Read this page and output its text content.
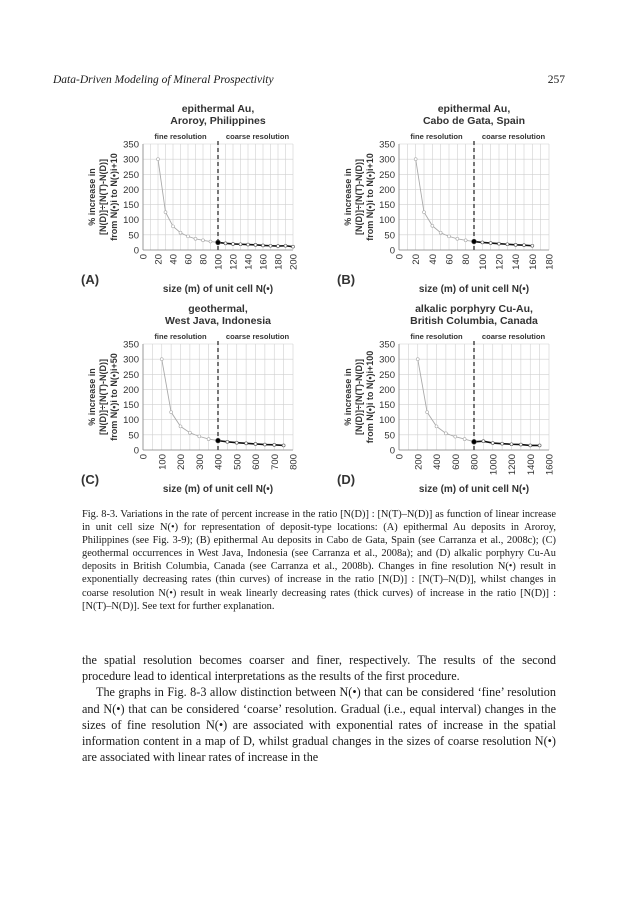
Data-Driven Modeling of Mineral Prospectivity	257
epithermal Au,
Aroroy, Philippines
fine resolution	coarse resolution
0
50
100
150
200
250
300
350
0 20 40 60 80 100 120 140 160 180 200
size (m) of unit cell N(•)
(A)
% increase in [N(D)]÷[N(T)-N(D)] from N(•)i to N(•)i+10
epithermal Au,
Cabo de Gata, Spain
fine resolution	coarse resolution
0
50
100
150
200
250
300
350
0 20 40 60 80 100 120 140 160 180
size (m) of unit cell N(•)
(B)
% increase in [N(D)]÷[N(T)-N(D)] from N(•)i to N(•)i+10
geothermal,
West Java, Indonesia
fine resolution	coarse resolution
0
50
100
150
200
250
300
350
0 100 200 300 400 500 600 700 800
size (m) of unit cell N(•)
(C)
% increase in [N(D)]÷[N(T)-N(D)] from N(•)i to N(•)i+50
alkalic porphyry Cu-Au,
British Columbia, Canada
fine resolution	coarse resolution
0
50
100
150
200
250
300
350
0 200 400 600 800 1000 1200 1400 1600
size (m) of unit cell N(•)
(D)
% increase in [N(D)]÷[N(T)-N(D)] from N(•)i to N(•)i+100

Fig. 8-3. Variations in the rate of percent increase in the ratio [N(D)] : [N(T)–N(D)] as function of linear increase in unit cell size N(•) for representation of deposit-type locations: (A) epithermal Au deposits in Aroroy, Philippines (see Fig. 3-9); (B) epithermal Au deposits in Cabo de Gata, Spain (see Carranza et al., 2008c); (C) geothermal occurrences in West Java, Indonesia (see Carranza et al., 2008a); and (D) alkalic porphyry Cu-Au deposits in British Columbia, Canada (see Carranza et al., 2008b). Changes in fine resolution N(•) result in exponentially decreasing rates (thin curves) of increase in the ratio [N(D)] : [N(T)–N(D)], whilst changes in coarse resolution N(•) result in weak linearly decreasing rates (thick curves) of increase in the ratio [N(D)] : [N(T)–N(D)]. See text for further explanation.

the spatial resolution becomes coarser and finer, respectively. The results of the second procedure lead to identical interpretations as the results of the first procedure.

The graphs in Fig. 8-3 allow distinction between N(•) that can be considered ‘fine’ resolution and N(•) that can be considered ‘coarse’ resolution. Gradual (i.e., equal interval) changes in the sizes of fine resolution N(•) are associated with exponential rates of increase in the spatial information content in a map of D, whilst gradual changes in the sizes of coarse resolution N(•) are associated with linear rates of increase in the
